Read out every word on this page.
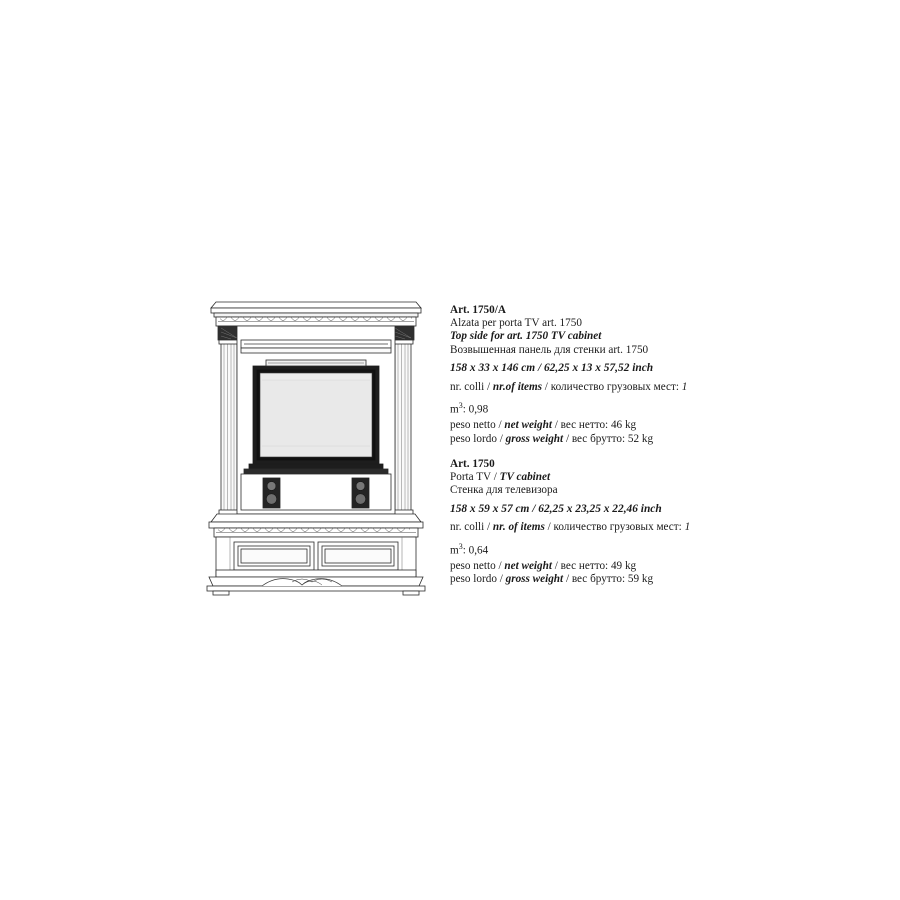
Art. 1750/A
Alzata per porta TV art. 1750
Top side for art. 1750 TV cabinet
Возвышенная панель для стенки art. 1750
158 x 33 x 146 cm / 62,25 x 13 x 57,52 inch
nr. colli / nr.of items / количество грузовых мест: 1
$m^3$: 0,98
peso netto / net weight / вес нетто: 46 kg
peso lordo / gross weight / вес брутто: 52 kg
Art. 1750
Porta TV / TV cabinet
Стенка для телевизора
158 x 59 x 57 cm / 62,25 x 23,25 x 22,46 inch
nr. colli / nr. of items / количество грузовых мест: 1
$m^3$: 0,64
peso netto / net weight / вес нетто: 49 kg
peso lordo / gross weight / вес брутто: 59 kg
